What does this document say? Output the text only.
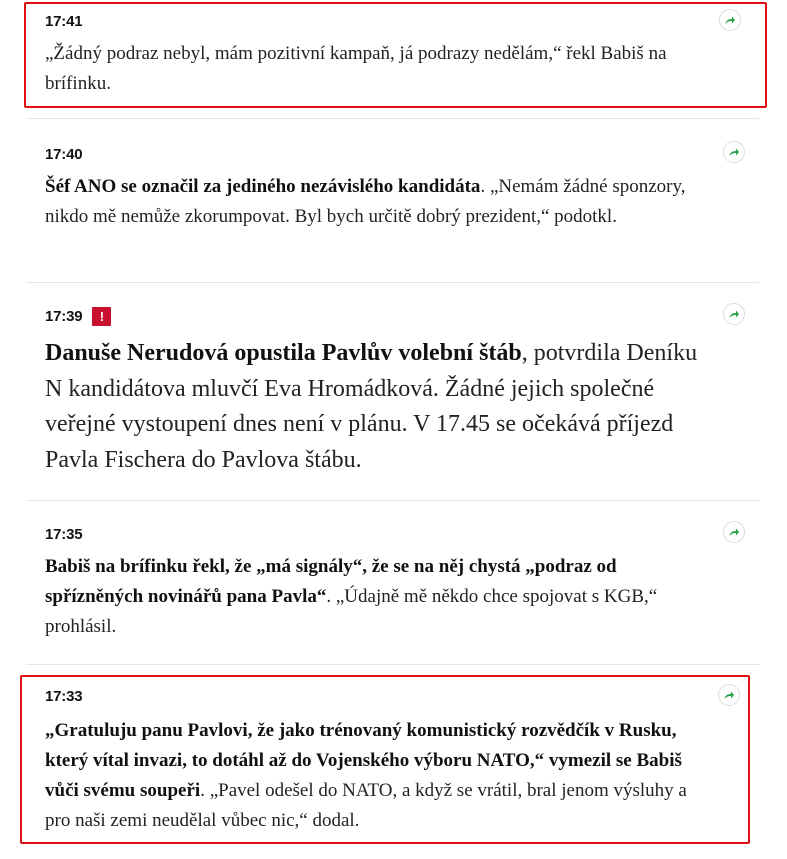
17:41

„Žádný podraz nebyl, mám pozitivní kampaň, já podrazy nedělám,“ řekl Babiš na brífinku.

17:40

Šéf ANO se označil za jediného nezávislého kandidáta. „Nemám žádné sponzory, nikdo mě nemůže zkorumpovat. Byl bych určitě dobrý prezident,“ podotkl.

17:39	!

Danuše Nerudová opustila Pavlův volební štáb, potvrdila Deníku N kandidátova mluvčí Eva Hromádková. Žádné jejich společné veřejné vystoupení dnes není v plánu. V 17.45 se očekává příjezd Pavla Fischera do Pavlova štábu.

17:35

Babiš na brífinku řekl, že „má signály“, že se na něj chystá „podraz od spřízněných novinářů pana Pavla“. „Údajně mě někdo chce spojovat s KGB,“ prohlásil.

17:33

„Gratuluju panu Pavlovi, že jako trénovaný komunistický rozvědčík v Rusku, který vítal invazi, to dotáhl až do Vojenského výboru NATO,“ vymezil se Babiš vůči svému soupeři. „Pavel odešel do NATO, a když se vrátil, bral jenom výsluhy a pro naši zemi neudělal vůbec nic,“ dodal.
